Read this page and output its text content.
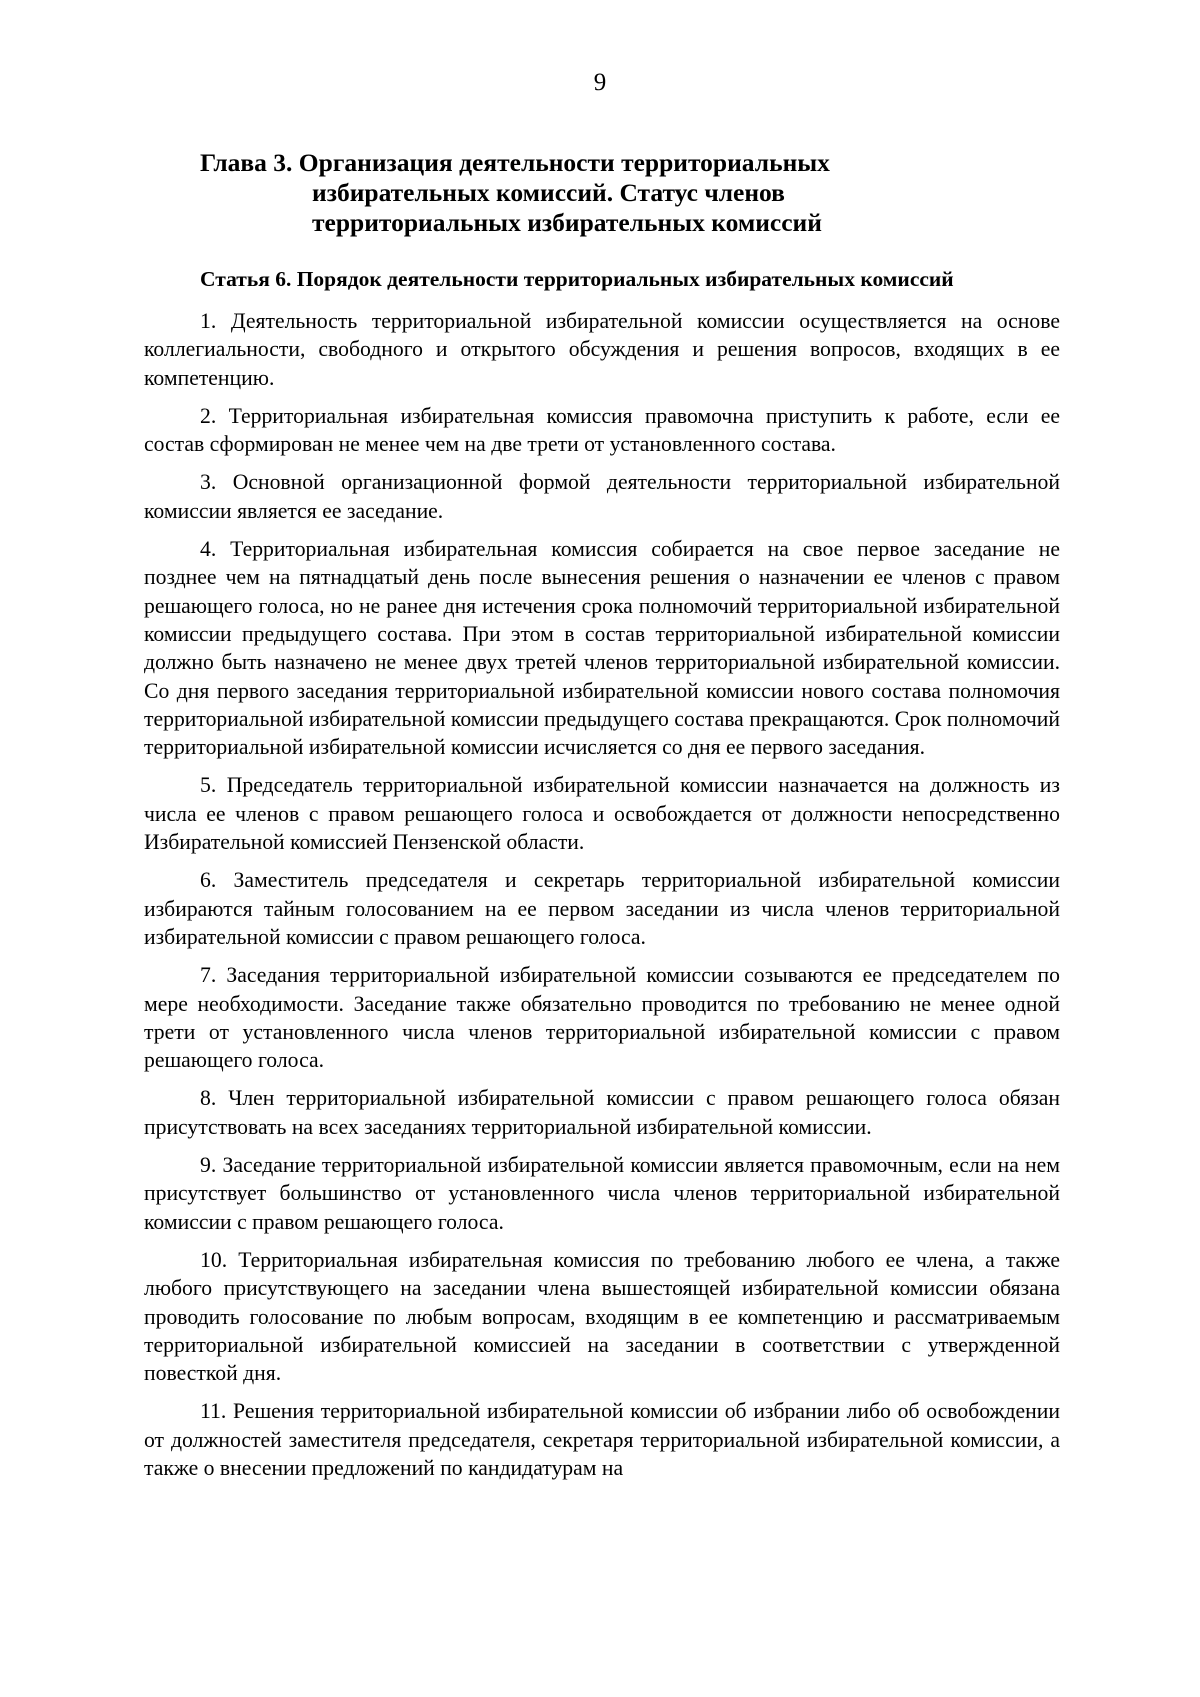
9
Глава 3. Организация деятельности территориальных
избирательных комиссий. Статус членов
территориальных избирательных комиссий
Статья 6. Порядок деятельности территориальных избирательных комиссий

1. Деятельность территориальной избирательной комиссии осуществляется на основе коллегиальности, свободного и открытого обсуждения и решения вопросов, входящих в ее компетенцию.

2. Территориальная избирательная комиссия правомочна приступить к работе, если ее состав сформирован не менее чем на две трети от установленного состава.

3. Основной организационной формой деятельности территориальной избирательной комиссии является ее заседание.

4. Территориальная избирательная комиссия собирается на свое первое заседание не позднее чем на пятнадцатый день после вынесения решения о назначении ее членов с правом решающего голоса, но не ранее дня истечения срока полномочий территориальной избирательной комиссии предыдущего состава. При этом в состав территориальной избирательной комиссии должно быть назначено не менее двух третей членов территориальной избирательной комиссии. Со дня первого заседания территориальной избирательной комиссии нового состава полномочия территориальной избирательной комиссии предыдущего состава прекращаются. Срок полномочий территориальной избирательной комиссии исчисляется со дня ее первого заседания.

5. Председатель территориальной избирательной комиссии назначается на должность из числа ее членов с правом решающего голоса и освобождается от должности непосредственно Избирательной комиссией Пензенской области.

6. Заместитель председателя и секретарь территориальной избирательной комиссии избираются тайным голосованием на ее первом заседании из числа членов территориальной избирательной комиссии с правом решающего голоса.

7. Заседания территориальной избирательной комиссии созываются ее председателем по мере необходимости. Заседание также обязательно проводится по требованию не менее одной трети от установленного числа членов территориальной избирательной комиссии с правом решающего голоса.

8. Член территориальной избирательной комиссии с правом решающего голоса обязан присутствовать на всех заседаниях территориальной избирательной комиссии.

9. Заседание территориальной избирательной комиссии является правомочным, если на нем присутствует большинство от установленного числа членов территориальной избирательной комиссии с правом решающего голоса.

10. Территориальная избирательная комиссия по требованию любого ее члена, а также любого присутствующего на заседании члена вышестоящей избирательной комиссии обязана проводить голосование по любым вопросам, входящим в ее компетенцию и рассматриваемым территориальной избирательной комиссией на заседании в соответствии с утвержденной повесткой дня.

11. Решения территориальной избирательной комиссии об избрании либо об освобождении от должностей заместителя председателя, секретаря территориальной избирательной комиссии, а также о внесении предложений по кандидатурам на
